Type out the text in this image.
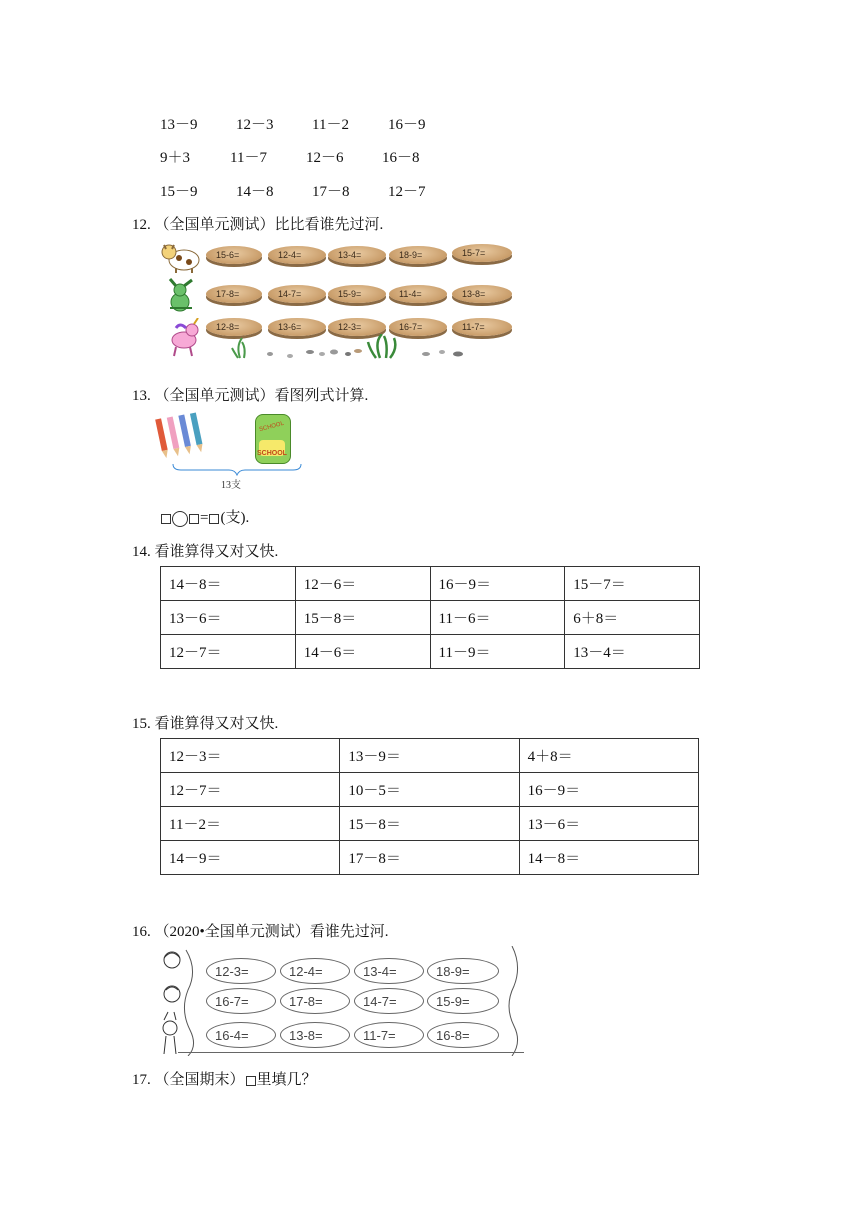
13－9	12－3	11－2	16－9
9＋3	11－7	12－6	16－8
15－9	14－8	17－8	12－7
12. （全国单元测试）比比看谁先过河.
15-6=	12-4=	13-4=	18-9=	15-7=
17-8=	14-7=	15-9=	11-4=	13-8=
12-8=	13-6=	12-3=	16-7=	11-7=
13. （全国单元测试）看图列式计算.
SCHOOL
SCHOOL
13支
= (支).
14. 看谁算得又对又快.
14－8＝	12－6＝	16－9＝	15－7＝
13－6＝	15－8＝	11－6＝	6＋8＝
12－7＝	14－6＝	11－9＝	13－4＝
15. 看谁算得又对又快.
12－3＝	13－9＝	4＋8＝
12－7＝	10－5＝	16－9＝
11－2＝	15－8＝	13－6＝
14－9＝	17－8＝	14－8＝
16. （2020•全国单元测试）看谁先过河.
12-3=	12-4=	13-4=	18-9=
16-7=	17-8=	14-7=	15-9=
16-4=	13-8=	11-7=	16-8=
17. （全国期末） 里填几？
